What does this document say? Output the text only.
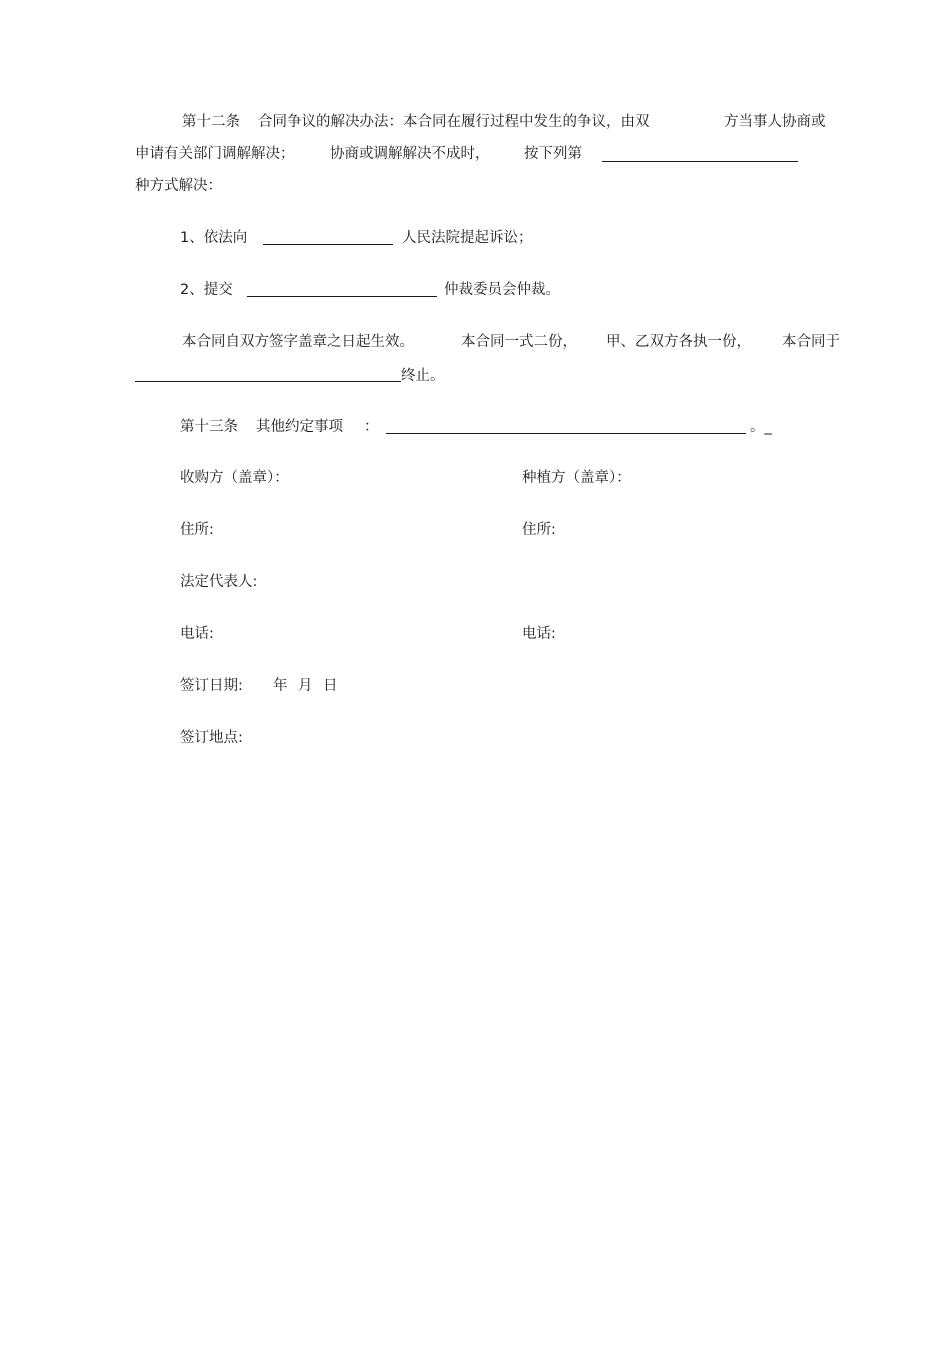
第十二条 合同争议的解决办法：本合同在履行过程中发生的争议，由双	方当事人协商或
申请有关部门调解解决； 协商或调解解决不成时， 按下列第
种方式解决：
1、依法向	人民法院提起诉讼；
2、提交	仲裁委员会仲裁。
本合同自双方签字盖章之日起生效。	本合同一式二份， 甲、乙双方各执一份， 本合同于
终止。
第十三条 其他约定事项 ：	。_
收购方（盖章）：	种植方（盖章）：
住所:	住所:
法定代表人:
电话:	电话:
签订日期: 年 月 日
签订地点:
